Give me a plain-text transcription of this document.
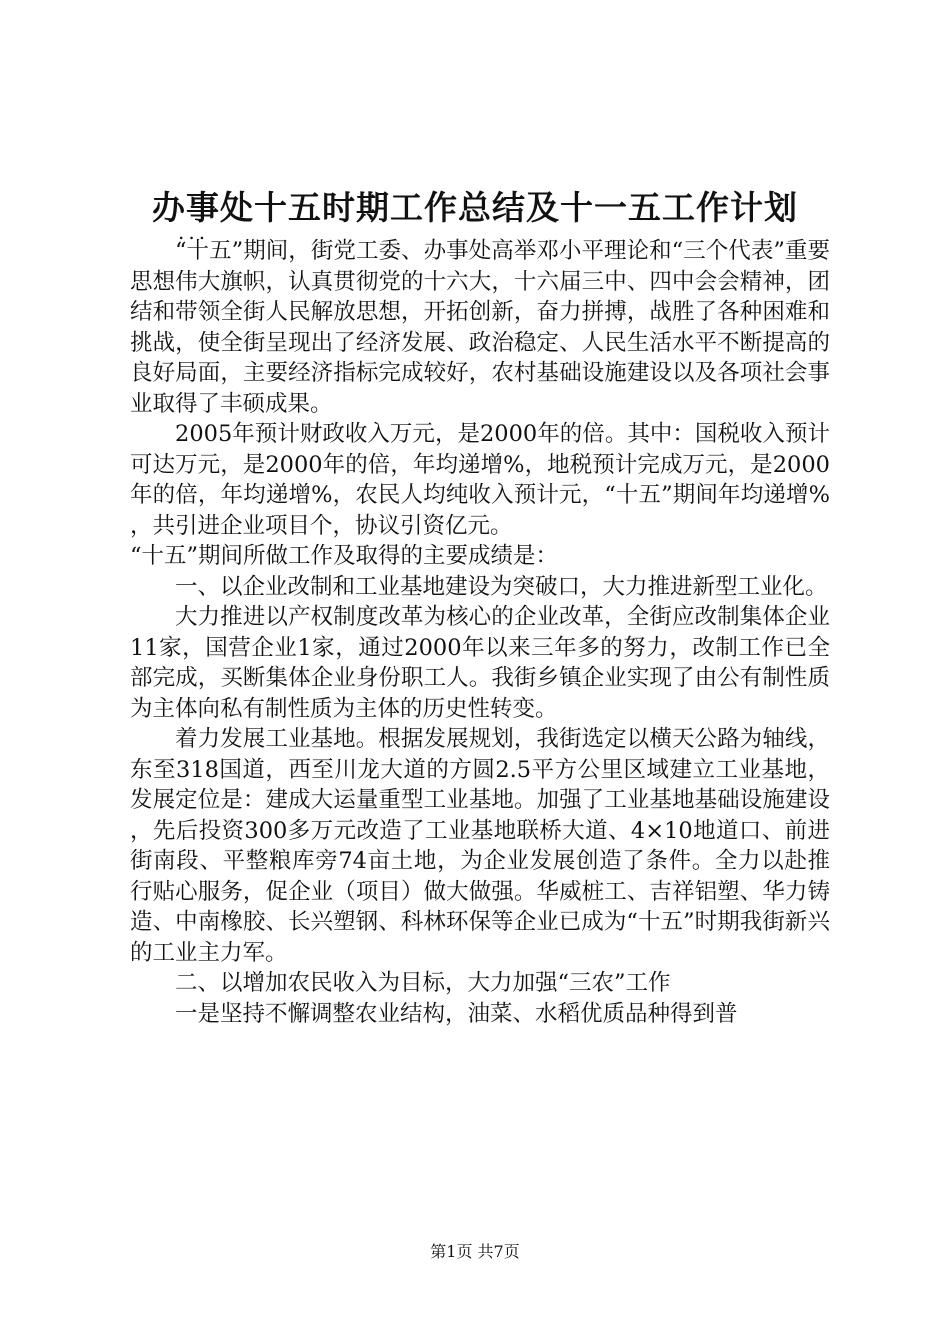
办事处十五时期工作总结及十一五工作计划
...

“十五”期间，街党工委、办事处高举邓小平理论和“三个代表”重要思想伟大旗帜，认真贯彻党的十六大，十六届三中、四中会会精神，团结和带领全街人民解放思想，开拓创新，奋力拼搏，战胜了各种困难和挑战，使全街呈现出了经济发展、政治稳定、人民生活水平不断提高的良好局面，主要经济指标完成较好，农村基础设施建设以及各项社会事业取得了丰硕成果。

2005年预计财政收入万元，是2000年的倍。其中：国税收入预计可达万元，是2000年的倍，年均递增%，地税预计完成万元，是2000年的倍，年均递增%，农民人均纯收入预计元，“十五”期间年均递增%，共引进企业项目个，协议引资亿元。

“十五”期间所做工作及取得的主要成绩是：

一、以企业改制和工业基地建设为突破口，大力推进新型工业化。

大力推进以产权制度改革为核心的企业改革，全街应改制集体企业11家，国营企业1家，通过2000年以来三年多的努力，改制工作已全部完成，买断集体企业身份职工人。我街乡镇企业实现了由公有制性质为主体向私有制性质为主体的历史性转变。

着力发展工业基地。根据发展规划，我街选定以横天公路为轴线，东至318国道，西至川龙大道的方圆2.5平方公里区域建立工业基地，发展定位是：建成大运量重型工业基地。加强了工业基地基础设施建设，先后投资300多万元改造了工业基地联桥大道、4×10地道口、前进街南段、平整粮库旁74亩土地，为企业发展创造了条件。全力以赴推行贴心服务，促企业（项目）做大做强。华威桩工、吉祥铝塑、华力铸造、中南橡胶、长兴塑钢、科林环保等企业已成为“十五”时期我街新兴的工业主力军。

二、以增加农民收入为目标，大力加强“三农”工作

一是坚持不懈调整农业结构，油菜、水稻优质品种得到普

第1页 共7页
